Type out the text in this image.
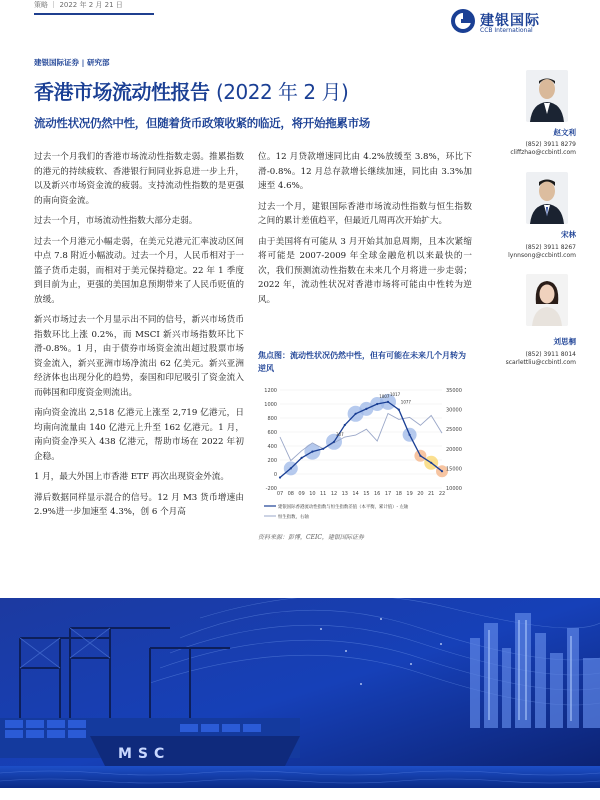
策略 ｜ 2022 年 2 月 21 日
建银国际
CCB International
建银国际证券 | 研究部
香港市场流动性报告 (2022 年 2 月)
流动性状况仍然中性，但随着货币政策收紧的临近，将开始拖累市场

过去一个月我们的香港市场流动性指数走弱。推累指数的港元的持续疲软、香港银行间同业拆息进一步上升，以及新兴市场资金流的疲弱。支持流动性指数的是更强的南向资金流。

过去一个月，市场流动性指数大部分走弱。

过去一个月港元小幅走弱，在美元兑港元汇率波动区间中点 7.8 附近小幅波动。过去一个月，人民币相对于一篮子货币走弱，而相对于美元保持稳定。22 年 1 季度到目前为止，更强的美国加息预期带来了人民币贬值的放缓。

新兴市场过去一个月显示出不同的信号，新兴市场货币指数环比上涨 0.2%，而 MSCI 新兴市场指数环比下滑-0.8%。1 月，由于债券市场资金流出超过股票市场资金流入，新兴亚洲市场净流出 62 亿美元。新兴亚洲经济体也出现分化的趋势，泰国和印尼吸引了资金流入而韩国和印度资金则流出。

南向资金流出 2,518 亿港元上涨至 2,719 亿港元，日均南向流量由 140 亿港元上升至 162 亿港元。1 月，南向资金净买入 438 亿港元，帮助市场在 2022 年初企稳。

1 月，最大外国上市香港 ETF 再次出现资金外流。

滞后数据同样显示混合的信号。12 月 M3 货币增速由 2.9%进一步加速至 4.3%，创 6 个月高

位。12 月贷款增速同比由 4.2%放缓至 3.8%，环比下滑-0.8%。12 月总存款增长继续加速，同比由 3.3%加速至 4.6%。

过去一个月，建银国际香港市场流动性指数与恒生指数之间的累计差值趋平，但最近几周再次开始扩大。

由于美国将有可能从 3 月开始其加息周期，且本次紧缩将可能是 2007-2009 年全球金融危机以来最快的一次，我们预测流动性指数在未来几个月将进一步走弱；2022 年，流动性状况对香港市场将可能由中性转为逆风。

焦点图：流动性状况仍然中性，但有可能在未来几个月转为逆风
1200
1000
800
600
400
200
0
-200
35000
30000
25000
20000
15000
10000
07 08 09 10 11 12 13 14 15 16 17 18 19 20 21 22
307
1007 1017
1077
建银国际香港流动性指数与恒生指数差值（本平衡，累计值）- 左轴
恒生指数，右轴
资料来源：彭博，CEIC，建银国际证券
赵文利
(852) 3911 8279
cliffzhao@ccbintl.com
宋林
(852) 3911 8267
lynnsong@ccbintl.com
刘思桐
(852) 3911 8014
scarlettliu@ccbintl.com
MSC
